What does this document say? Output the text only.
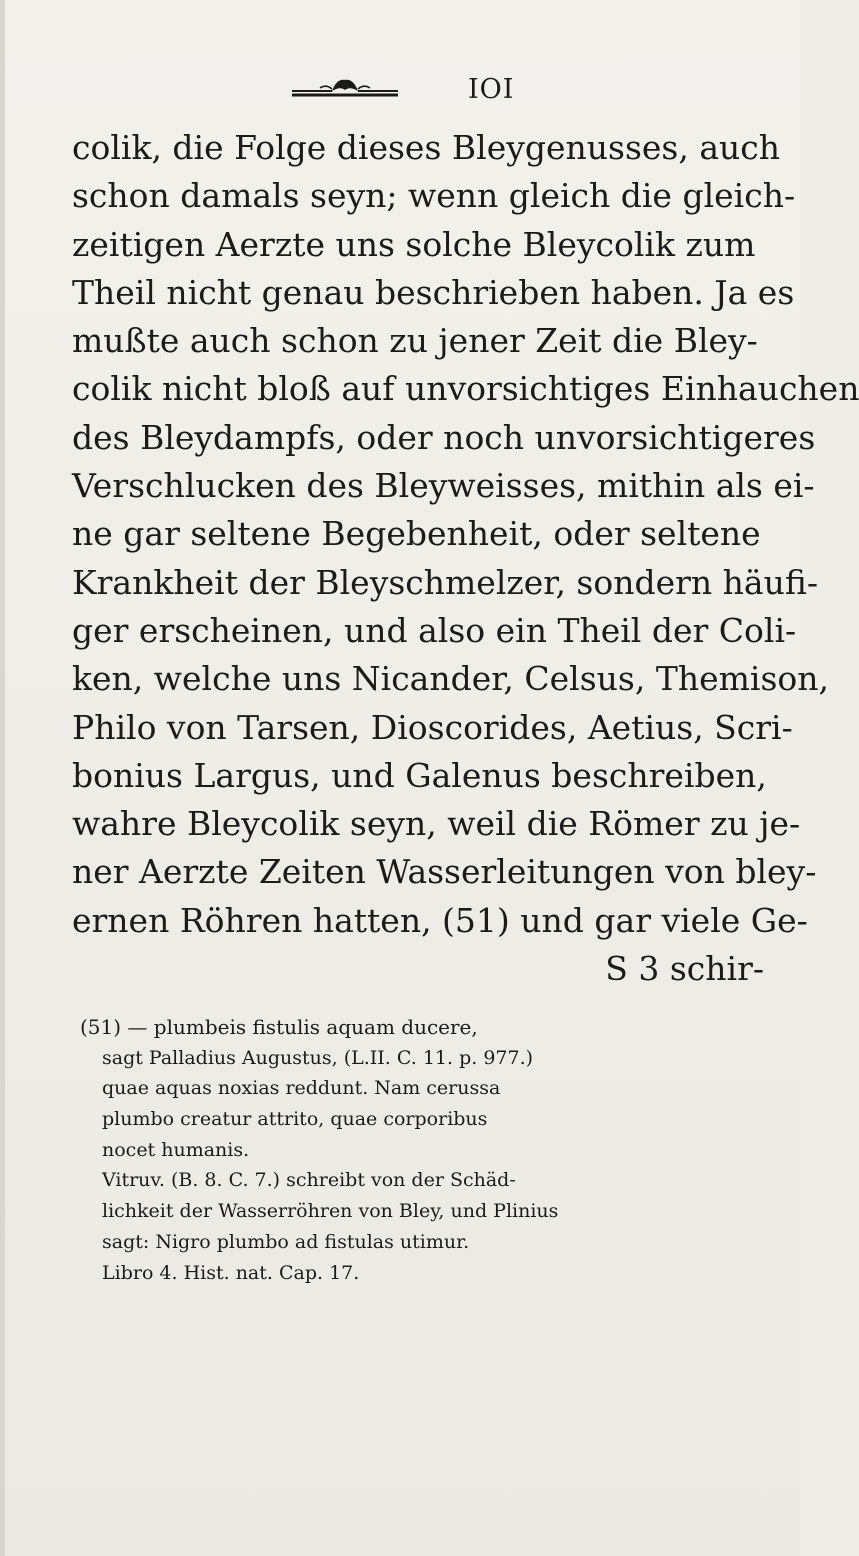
IOI
colik, die Folge dieses Bleygenusses, auch
schon damals seyn; wenn gleich die gleich-
zeitigen Aerzte uns solche Bleycolik zum
Theil nicht genau beschrieben haben. Ja es
mußte auch schon zu jener Zeit die Bley-
colik nicht bloß auf unvorsichtiges Einhauchen
des Bleydampfs, oder noch unvorsichtigeres
Verschlucken des Bleyweisses, mithin als ei-
ne gar seltene Begebenheit, oder seltene
Krankheit der Bleyschmelzer, sondern häufi-
ger erscheinen, und also ein Theil der Coli-
ken, welche uns Nicander, Celsus, Themison,
Philo von Tarsen, Dioscorides, Aetius, Scri-
bonius Largus, und Galenus beschreiben,
wahre Bleycolik seyn, weil die Römer zu je-
ner Aerzte Zeiten Wasserleitungen von bley-
ernen Röhren hatten, (51) und gar viele Ge-
S 3 schir-
(51) — plumbeis fistulis aquam ducere,
sagt Palladius Augustus, (L.II. C. 11. p. 977.)
quae aquas noxias reddunt. Nam cerussa
plumbo creatur attrito, quae corporibus
nocet humanis.
Vitruv. (B. 8. C. 7.) schreibt von der Schäd-
lichkeit der Wasserröhren von Bley, und Plinius
sagt: Nigro plumbo ad fistulas utimur.
Libro 4. Hist. nat. Cap. 17.
